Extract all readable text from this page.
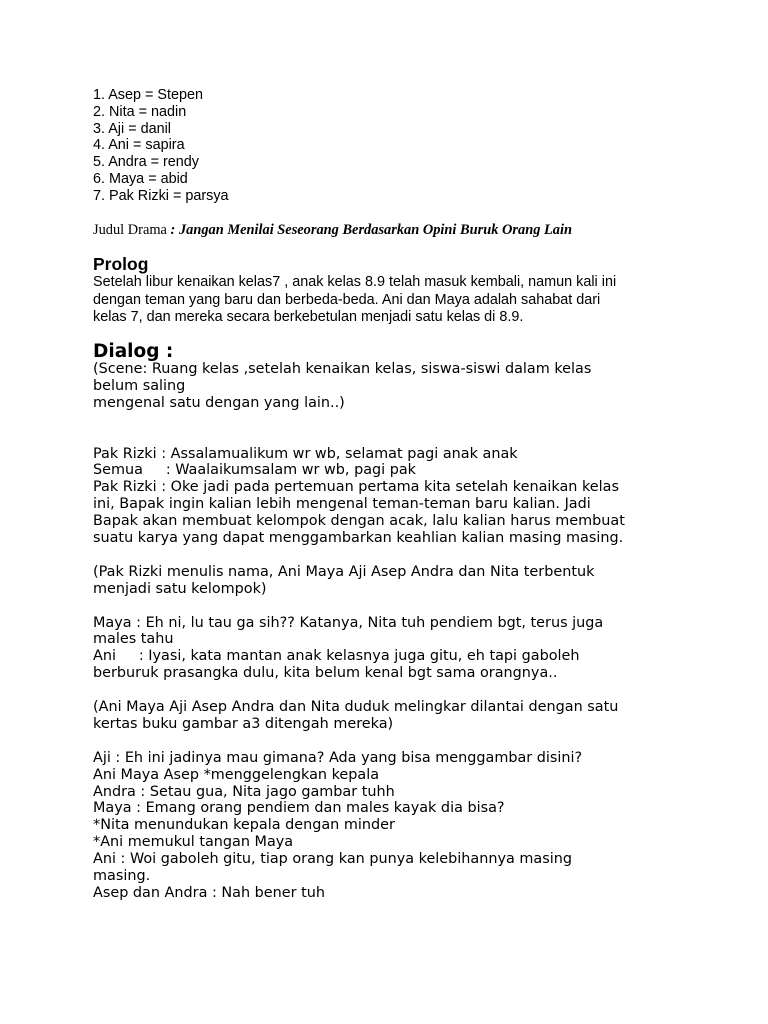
1. Asep = Stepen
2. Nita = nadin
3. Aji = danil
4. Ani = sapira
5. Andra = rendy
6. Maya = abid
7. Pak Rizki = parsya
Judul Drama : Jangan Menilai Seseorang Berdasarkan Opini Buruk Orang Lain
Prolog
Setelah libur kenaikan kelas7 , anak kelas 8.9 telah masuk kembali, namun kali ini
dengan teman yang baru dan berbeda-beda. Ani dan Maya adalah sahabat dari
kelas 7, dan mereka secara berkebetulan menjadi satu kelas di 8.9.
Dialog :
(Scene: Ruang kelas ,setelah kenaikan kelas, siswa-siswi dalam kelas
belum saling
mengenal satu dengan yang lain..)
Pak Rizki : Assalamualikum wr wb, selamat pagi anak anak
Semua     : Waalaikumsalam wr wb, pagi pak
Pak Rizki : Oke jadi pada pertemuan pertama kita setelah kenaikan kelas
ini, Bapak ingin kalian lebih mengenal teman-teman baru kalian. Jadi
Bapak akan membuat kelompok dengan acak, lalu kalian harus membuat
suatu karya yang dapat menggambarkan keahlian kalian masing masing.
(Pak Rizki menulis nama, Ani Maya Aji Asep Andra dan Nita terbentuk
menjadi satu kelompok)
Maya : Eh ni, lu tau ga sih?? Katanya, Nita tuh pendiem bgt, terus juga
males tahu
Ani     : Iyasi, kata mantan anak kelasnya juga gitu, eh tapi gaboleh
berburuk prasangka dulu, kita belum kenal bgt sama orangnya..
(Ani Maya Aji Asep Andra dan Nita duduk melingkar dilantai dengan satu
kertas buku gambar a3 ditengah mereka)
Aji : Eh ini jadinya mau gimana? Ada yang bisa menggambar disini?
Ani Maya Asep *menggelengkan kepala
Andra : Setau gua, Nita jago gambar tuhh
Maya : Emang orang pendiem dan males kayak dia bisa?
*Nita menundukan kepala dengan minder
*Ani memukul tangan Maya
Ani : Woi gaboleh gitu, tiap orang kan punya kelebihannya masing
masing.
Asep dan Andra : Nah bener tuh
